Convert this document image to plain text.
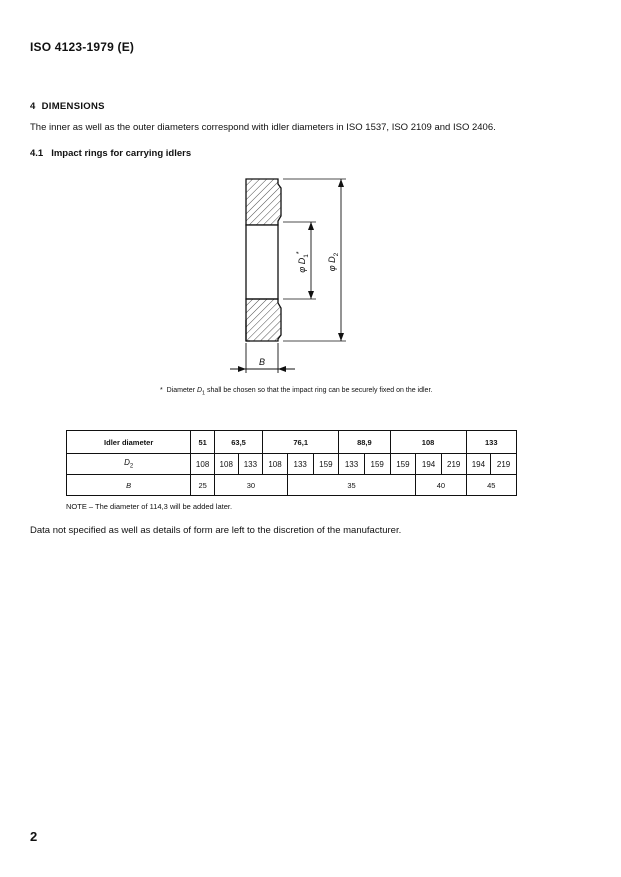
ISO 4123-1979 (E)
4 DIMENSIONS
The inner as well as the outer diameters correspond with idler diameters in ISO 1537, ISO 2109 and ISO 2406.
4.1 Impact rings for carrying idlers
φ $D_1^*$
φ $D_2$
B
* Diameter $D_1$ shall be chosen so that the impact ring can be securely fixed on the idler.
Idler diameter	51	63,5		76,1			88,9		108			133	
$D_2$	108	108	133	108	133	159	133	159	159	194	219	194	219
B	25	30			35					40		45	
NOTE – The diameter of 114,3 will be added later.
Data not specified as well as details of form are left to the discretion of the manufacturer.
2
